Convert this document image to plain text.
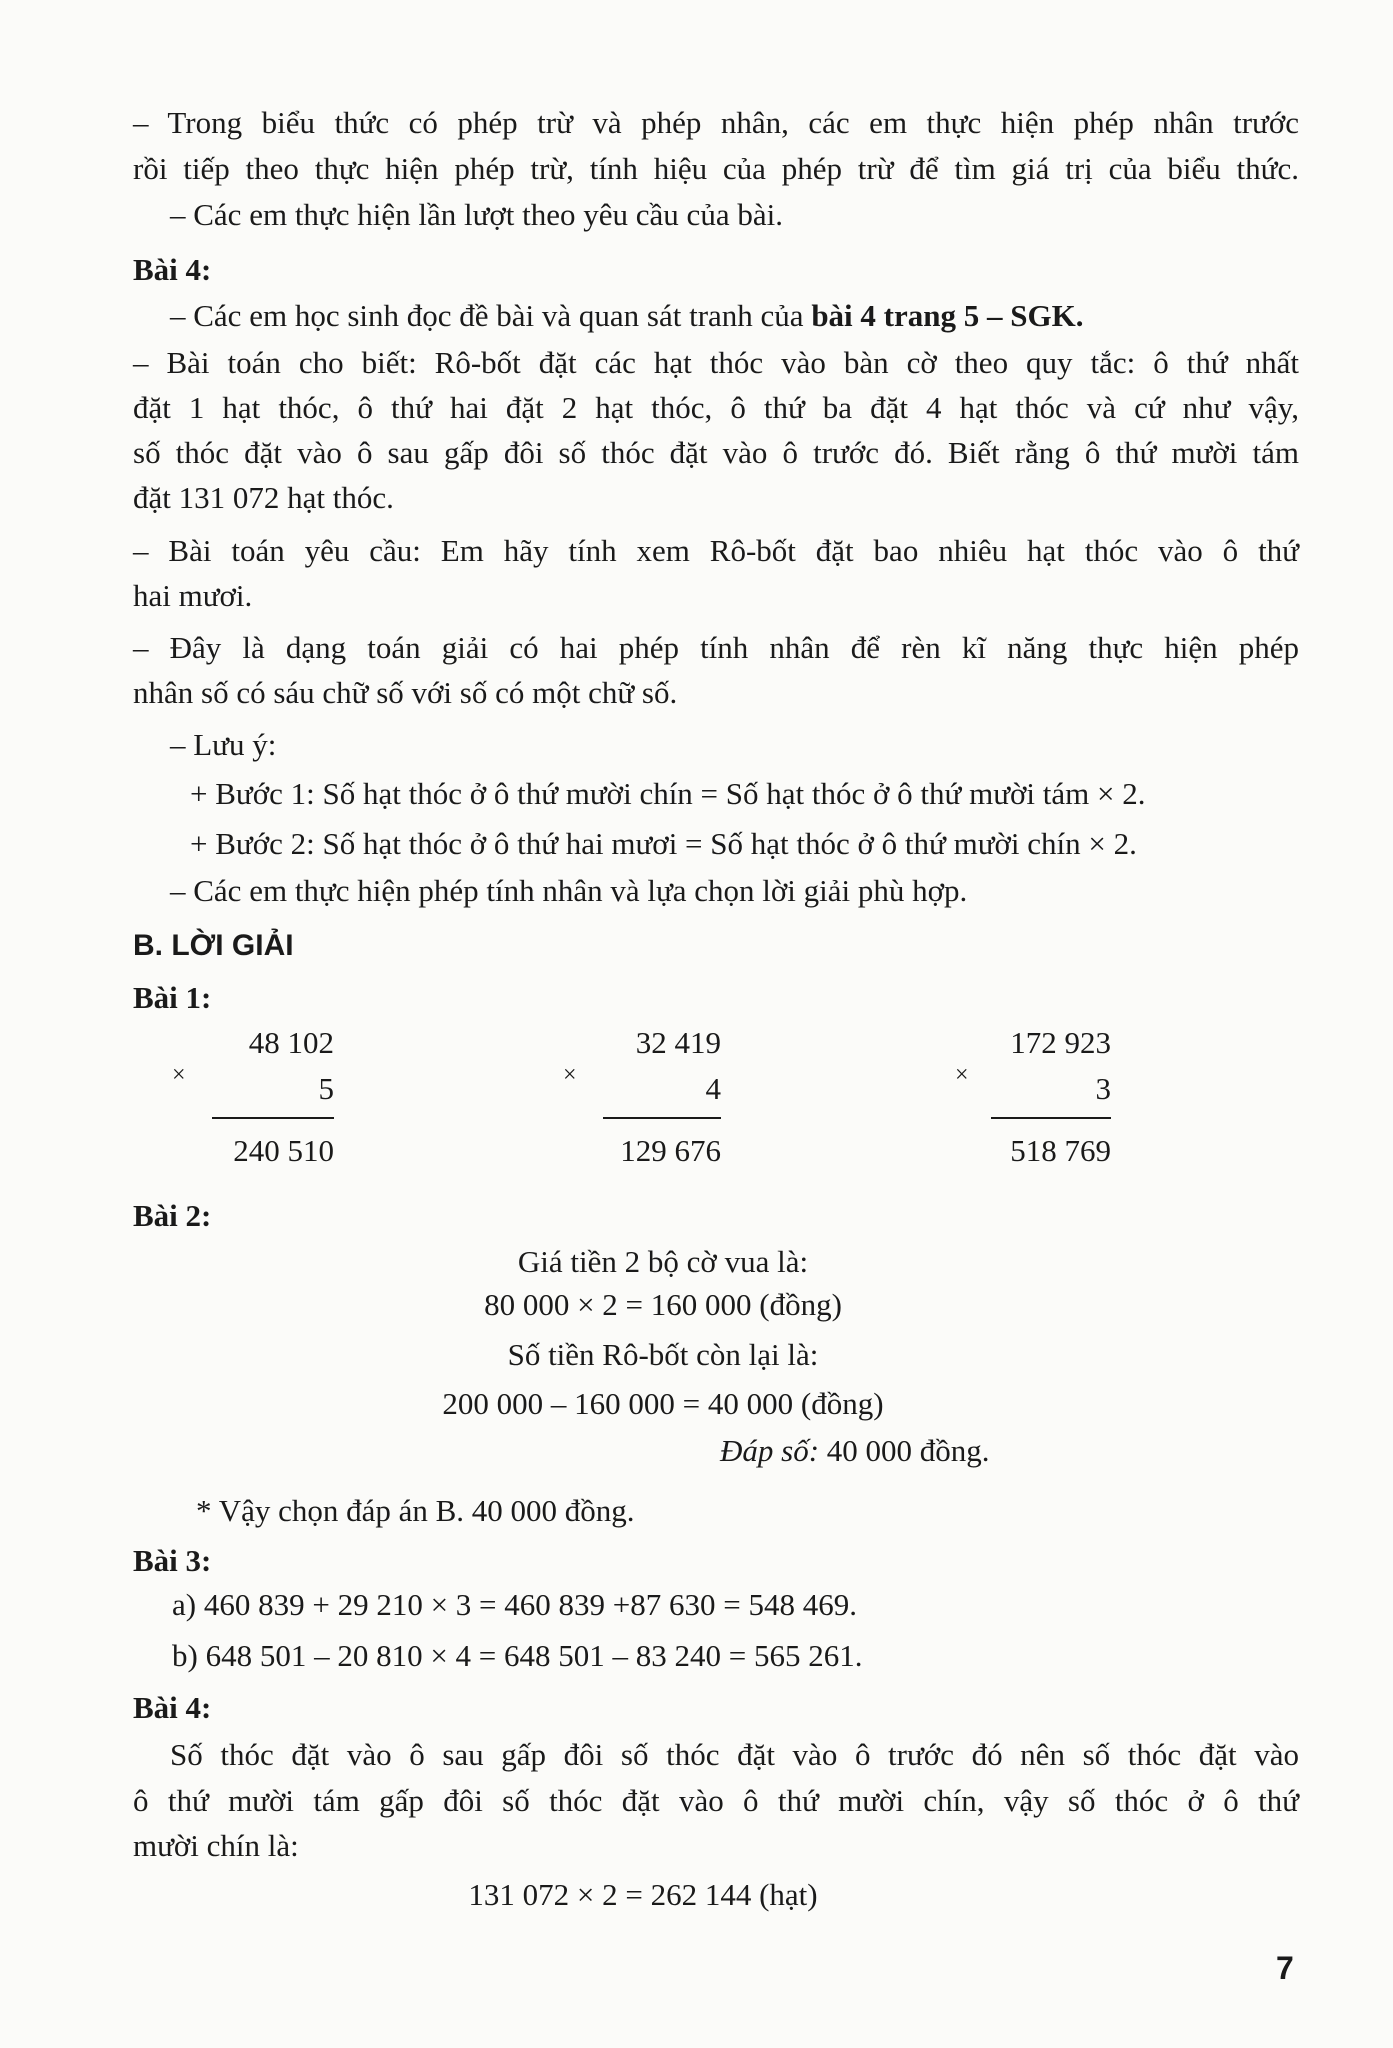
– Trong biểu thức có phép trừ và phép nhân, các em thực hiện phép nhân trước
rồi tiếp theo thực hiện phép trừ, tính hiệu của phép trừ để tìm giá trị của biểu thức.
– Các em thực hiện lần lượt theo yêu cầu của bài.
Bài 4:
– Các em học sinh đọc đề bài và quan sát tranh của bài 4 trang 5 – SGK.
– Bài toán cho biết: Rô-bốt đặt các hạt thóc vào bàn cờ theo quy tắc: ô thứ nhất
đặt 1 hạt thóc, ô thứ hai đặt 2 hạt thóc, ô thứ ba đặt 4 hạt thóc và cứ như vậy,
số thóc đặt vào ô sau gấp đôi số thóc đặt vào ô trước đó. Biết rằng ô thứ mười tám
đặt 131 072 hạt thóc.
– Bài toán yêu cầu: Em hãy tính xem Rô-bốt đặt bao nhiêu hạt thóc vào ô thứ
hai mươi.
– Đây là dạng toán giải có hai phép tính nhân để rèn kĩ năng thực hiện phép
nhân số có sáu chữ số với số có một chữ số.
– Lưu ý:
+ Bước 1: Số hạt thóc ở ô thứ mười chín = Số hạt thóc ở ô thứ mười tám × 2.
+ Bước 2: Số hạt thóc ở ô thứ hai mươi = Số hạt thóc ở ô thứ mười chín × 2.
– Các em thực hiện phép tính nhân và lựa chọn lời giải phù hợp.
B. LỜI GIẢI
Bài 1:
48 102
×	5
240 510
32 419
×	4
129 676
172 923
×	3
518 769
Bài 2:
Giá tiền 2 bộ cờ vua là:
80 000 × 2 = 160 000 (đồng)
Số tiền Rô-bốt còn lại là:
200 000 – 160 000 = 40 000 (đồng)
Đáp số: 40 000 đồng.
* Vậy chọn đáp án B. 40 000 đồng.
Bài 3:
a) 460 839 + 29 210 × 3 = 460 839 +87 630 = 548 469.
b) 648 501 – 20 810 × 4 = 648 501 – 83 240 = 565 261.
Bài 4:
Số thóc đặt vào ô sau gấp đôi số thóc đặt vào ô trước đó nên số thóc đặt vào
ô thứ mười tám gấp đôi số thóc đặt vào ô thứ mười chín, vậy số thóc ở ô thứ
mười chín là:
131 072 × 2 = 262 144 (hạt)
7
